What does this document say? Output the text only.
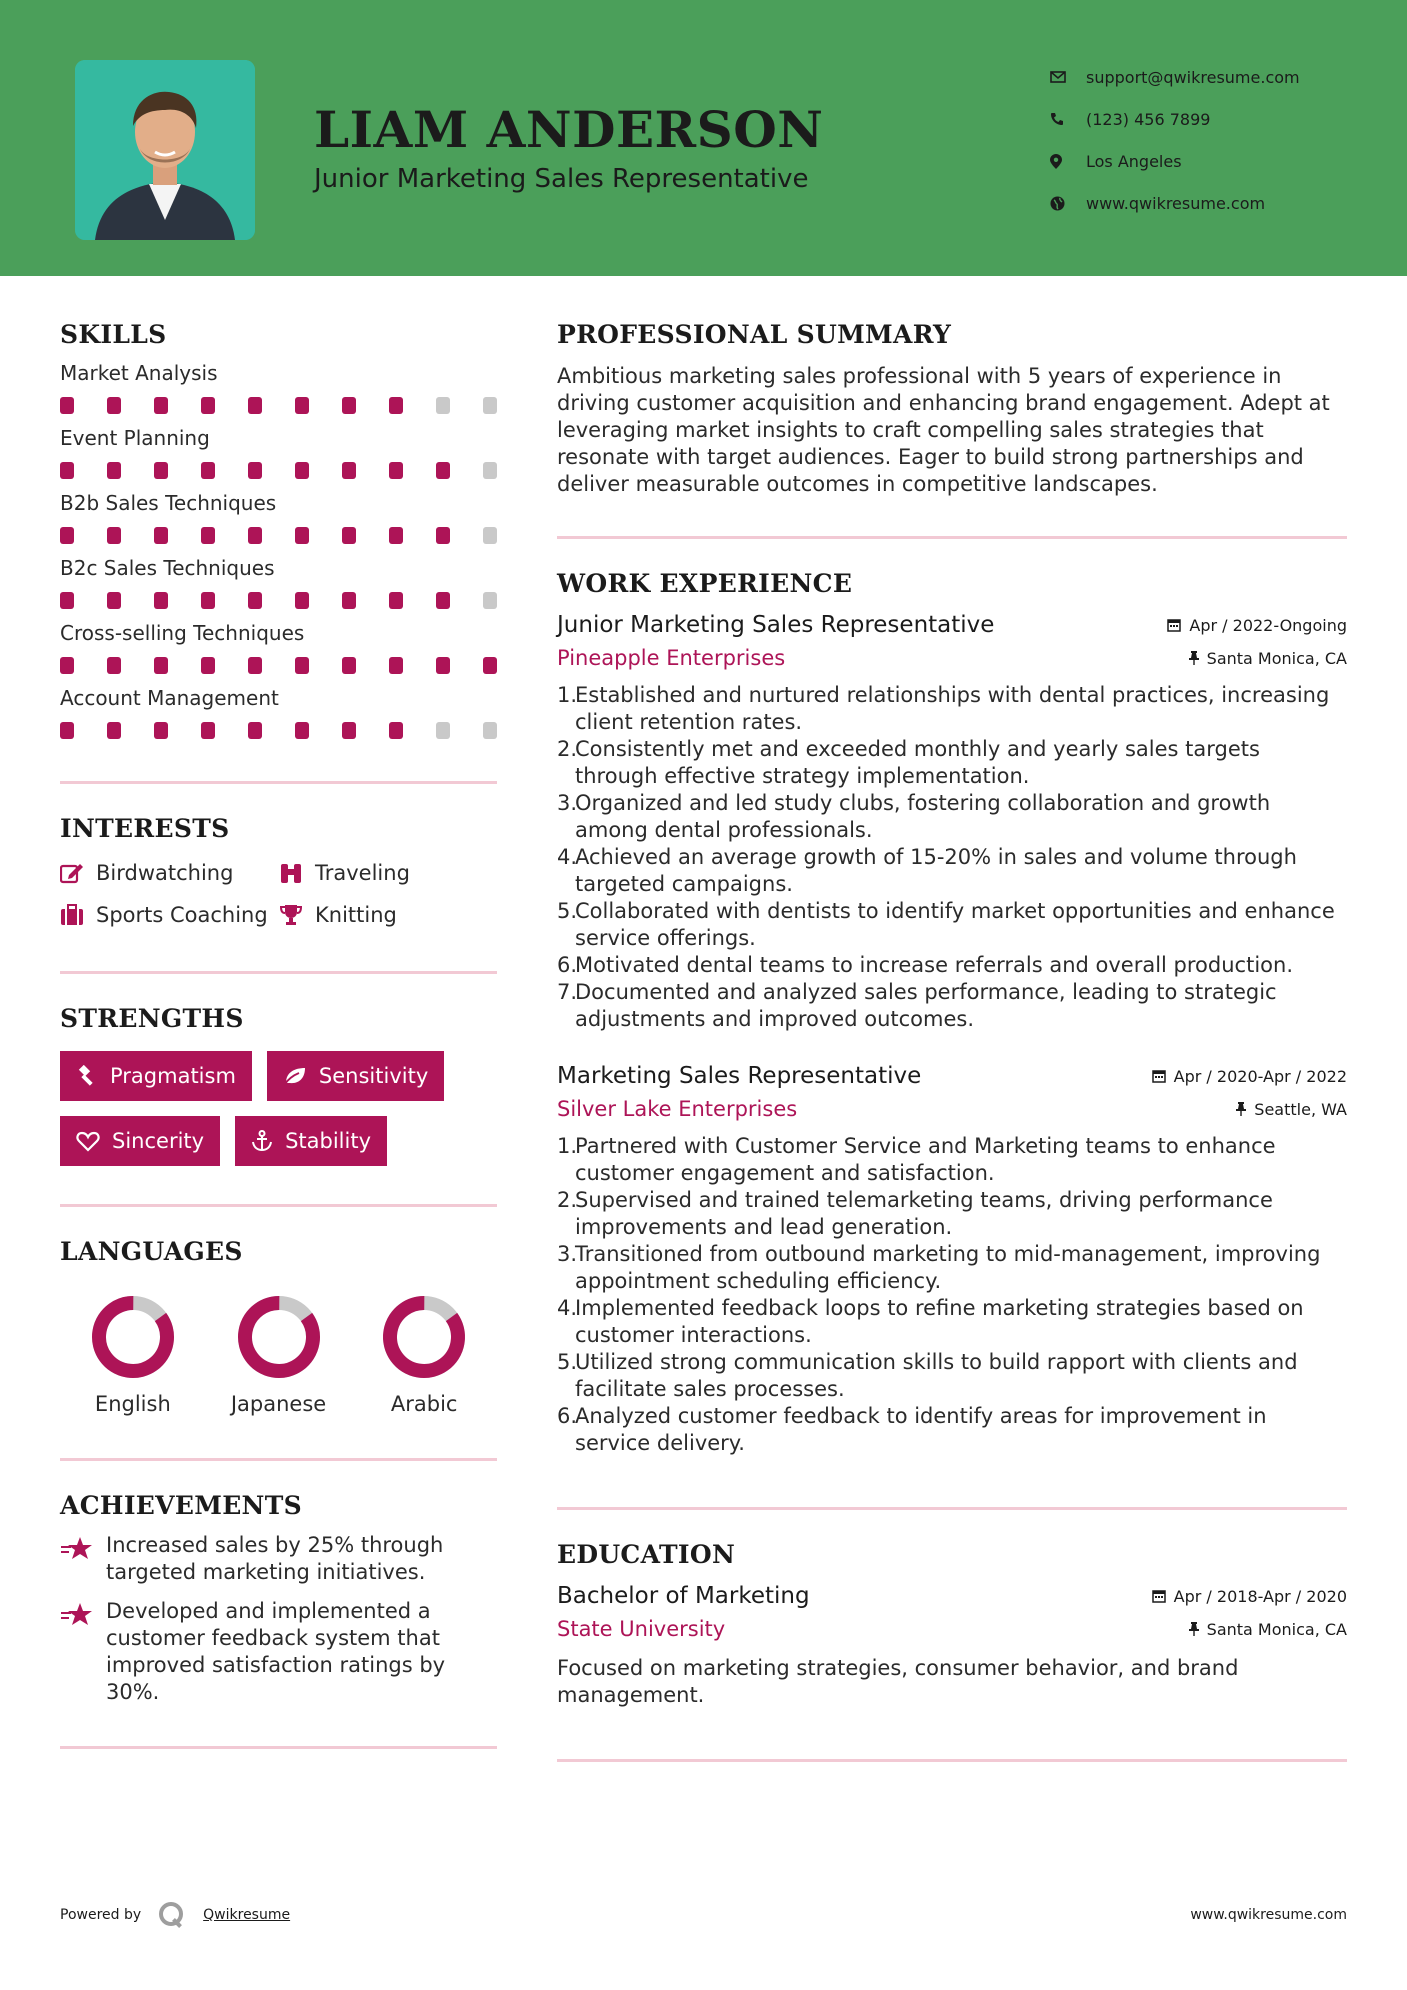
LIAM ANDERSON
Junior Marketing Sales Representative
support@qwikresume.com
(123) 456 7899
Los Angeles
www.qwikresume.com
SKILLS
Market Analysis
Event Planning
B2b Sales Techniques
B2c Sales Techniques
Cross-selling Techniques
Account Management
INTERESTS
Birdwatching	Traveling
Sports Coaching Knitting
STRENGTHS
Pragmatism	Sensitivity
Sincerity	Stability
LANGUAGES
English	Japanese	Arabic
ACHIEVEMENTS
Increased sales by 25% through targeted marketing initiatives.
Developed and implemented a customer feedback system that improved satisfaction ratings by 30%.
PROFESSIONAL SUMMARY
Ambitious marketing sales professional with 5 years of experience in driving customer acquisition and enhancing brand engagement. Adept at leveraging market insights to craft compelling sales strategies that resonate with target audiences. Eager to build strong partnerships and deliver measurable outcomes in competitive landscapes.
WORK EXPERIENCE
Junior Marketing Sales Representative	Apr / 2022-Ongoing
Pineapple Enterprises	Santa Monica, CA
1.
Established and nurtured relationships with dental practices, increasing client retention rates.
2.
Consistently met and exceeded monthly and yearly sales targets through effective strategy implementation.
3.
Organized and led study clubs, fostering collaboration and growth among dental professionals.
4.
Achieved an average growth of 15-20% in sales and volume through targeted campaigns.
5.
Collaborated with dentists to identify market opportunities and enhance service offerings.
6.
Motivated dental teams to increase referrals and overall production.
7.
Documented and analyzed sales performance, leading to strategic adjustments and improved outcomes.
Marketing Sales Representative	Apr / 2020-Apr / 2022
Silver Lake Enterprises	Seattle, WA
1.
Partnered with Customer Service and Marketing teams to enhance customer engagement and satisfaction.
2.
Supervised and trained telemarketing teams, driving performance improvements and lead generation.
3.
Transitioned from outbound marketing to mid-management, improving appointment scheduling efficiency.
4.
Implemented feedback loops to refine marketing strategies based on customer interactions.
5.
Utilized strong communication skills to build rapport with clients and facilitate sales processes.
6.
Analyzed customer feedback to identify areas for improvement in service delivery.
EDUCATION
Bachelor of Marketing	Apr / 2018-Apr / 2020
State University	Santa Monica, CA
Focused on marketing strategies, consumer behavior, and brand management.
Powered by	Qwikresume	www.qwikresume.com
